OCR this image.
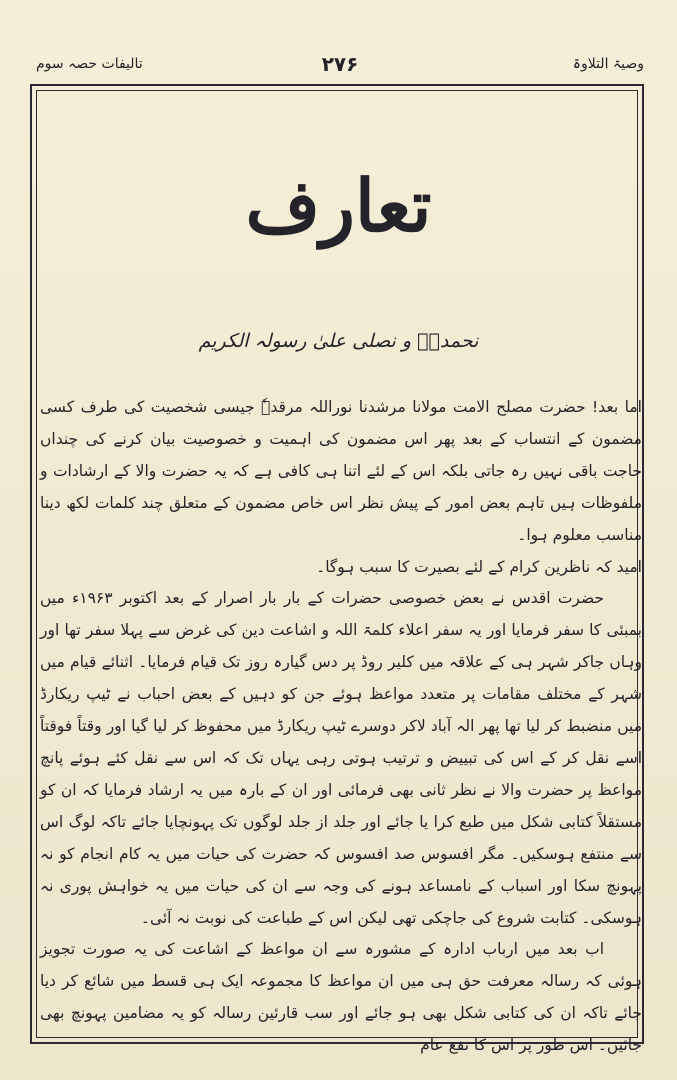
وصیۃ التلاوۃ
۲۷۶
تالیفات حصہ سوم
تعارف
نحمدہٗ و نصلی علیٰ رسولہ الکریم

اما بعد! حضرت مصلح الامت مولانا مرشدنا نوراللہ مرقدہٗ جیسی شخصیت کی طرف کسی مضمون کے انتساب کے بعد پھر اس مضمون کی اہمیت و خصوصیت بیان کرنے کی چنداں حاجت باقی نہیں رہ جاتی بلکہ اس کے لئے اتنا ہی کافی ہے کہ یہ حضرت والا کے ارشادات و ملفوظات ہیں تاہم بعض امور کے پیش نظر اس خاص مضمون کے متعلق چند کلمات لکھ دینا مناسب معلوم ہوا۔

امید کہ ناظرین کرام کے لئے بصیرت کا سبب ہوگا۔

حضرت اقدس نے بعض خصوصی حضرات کے بار بار اصرار کے بعد اکتوبر ۱۹۶۳ء میں بمبئی کا سفر فرمایا اور یہ سفر اعلاء کلمۃ اللہ و اشاعت دین کی غرض سے پہلا سفر تھا اور وہاں جاکر شہر ہی کے علاقہ میں کلیر روڈ پر دس گیارہ روز تک قیام فرمایا۔ اثنائے قیام میں شہر کے مختلف مقامات پر متعدد مواعظ ہوئے جن کو دہیں کے بعض احباب نے ٹیپ ریکارڈ میں منضبط کر لیا تھا پھر الہ آباد لاکر دوسرے ٹیپ ریکارڈ میں محفوظ کر لیا گیا اور وقتاً فوقتاً اسے نقل کر کے اس کی تبییض و ترتیب ہوتی رہی یہاں تک کہ اس سے نقل کئے ہوئے پانچ مواعظ پر حضرت والا نے نظر ثانی بھی فرمائی اور ان کے بارہ میں یہ ارشاد فرمایا کہ ان کو مستقلاً کتابی شکل میں طبع کرا یا جائے اور جلد از جلد لوگوں تک پہونچایا جائے تاکہ لوگ اس سے منتفع ہوسکیں۔ مگر افسوس صد افسوس کہ حضرت کی حیات میں یہ کام انجام کو نہ پہونچ سکا اور اسباب کے نامساعد ہونے کی وجہ سے ان کی حیات میں یہ خواہش پوری نہ ہوسکی۔ کتابت شروع کی جاچکی تھی لیکن اس کے طباعت کی نوبت نہ آئی۔

اب بعد میں ارباب ادارہ کے مشورہ سے ان مواعظ کے اشاعت کی یہ صورت تجویز ہوئی کہ رسالہ معرفت حق ہی میں ان مواعظ کا مجموعہ ایک ہی قسط میں شائع کر دیا جائے تاکہ ان کی کتابی شکل بھی ہو جائے اور سب قارئین رسالہ کو یہ مضامین پہونچ بھی جائیں۔ اس طور پر اس کا نفع عام
